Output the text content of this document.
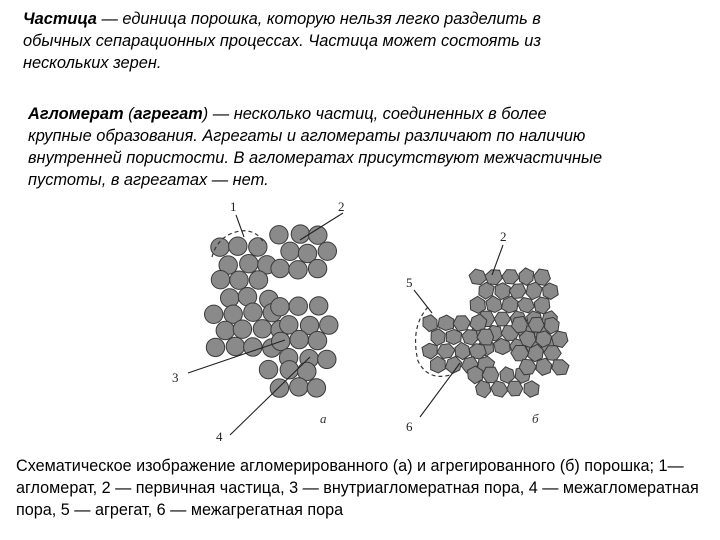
Частица — единица порошка, которую нельзя легко разделить в
обычных сепарационных процессах. Частица может состоять из
нескольких зерен.

Агломерат (агрегат) — несколько частиц, соединенных в более
крупные образования. Агрегаты и агломераты различают по наличию
внутренней пористости. В агломератах присутствуют межчастичные
пустоты, в агрегатах — нет.

1	2
3
4
2
5
6
а	б

Схематическое изображение агломерированного (а) и агрегированного (б) порошка; 1— агломерат, 2 — первичная частица, 3 — внутриагломератная пора, 4 — межагломератная пора, 5 — агрегат, 6 — межагрегатная пора
